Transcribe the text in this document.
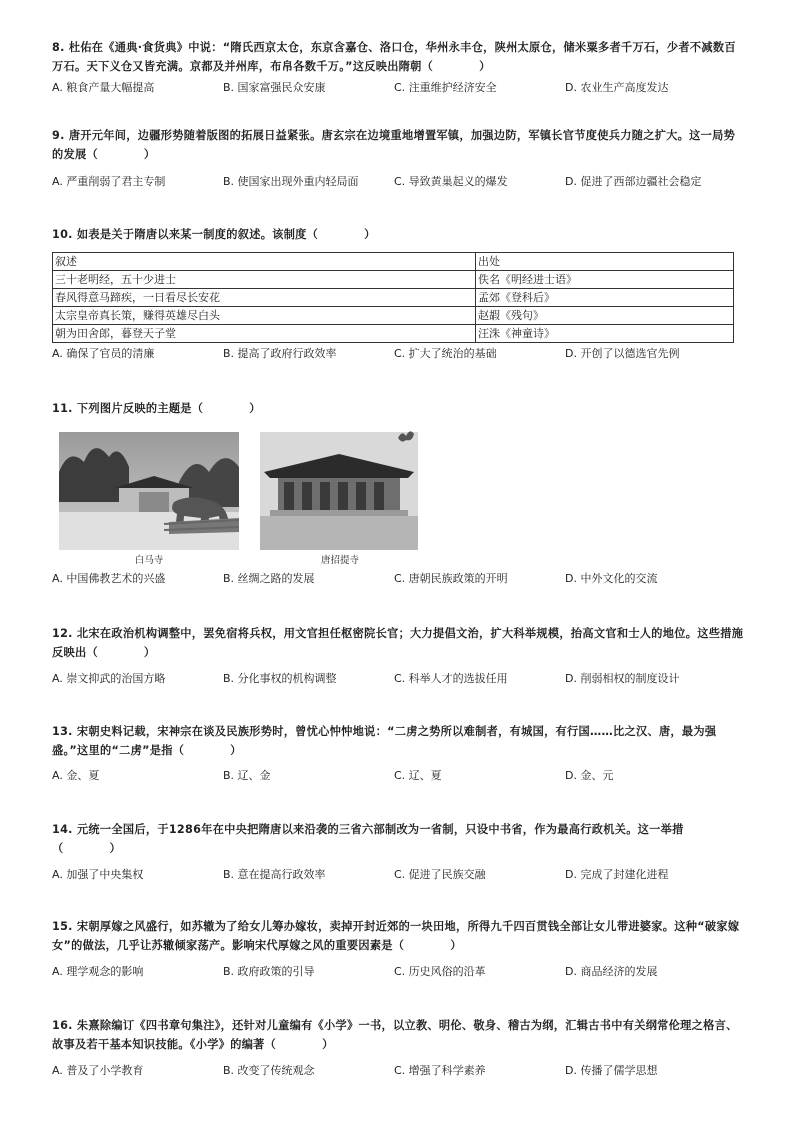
8. 杜佑在《通典·食货典》中说：“隋氏西京太仓，东京含嘉仓、洛口仓，华州永丰仓，陕州太原仓，储米粟多者千万石，少者不减数百万石。天下义仓又皆充满。京都及并州库，布帛各数千万。”这反映出隋朝（　　　　）

A. 粮食产量大幅提高	B. 国家富强民众安康	C. 注重维护经济安全	D. 农业生产高度发达

9. 唐开元年间，边疆形势随着版图的拓展日益紧张。唐玄宗在边境重地增置军镇，加强边防，军镇长官节度使兵力随之扩大。这一局势的发展（　　　　）

A. 严重削弱了君主专制	B. 使国家出现外重内轻局面	C. 导致黄巢起义的爆发	D. 促进了西部边疆社会稳定

10. 如表是关于隋唐以来某一制度的叙述。该制度（　　　　）

叙述	出处
三十老明经，五十少进士	佚名《明经进士语》
春风得意马蹄疾，一日看尽长安花	孟郊《登科后》
太宗皇帝真长策，赚得英雄尽白头	赵嘏《残句》
朝为田舍郎，暮登天子堂	汪洙《神童诗》
A. 确保了官员的清廉	B. 提高了政府行政效率	C. 扩大了统治的基础	D. 开创了以德选官先例

11. 下列图片反映的主题是（　　　　）

白马寺	唐招提寺
A. 中国佛教艺术的兴盛	B. 丝绸之路的发展	C. 唐朝民族政策的开明	D. 中外文化的交流

12. 北宋在政治机构调整中，罢免宿将兵权，用文官担任枢密院长官；大力提倡文治，扩大科举规模，抬高文官和士人的地位。这些措施反映出（　　　　）

A. 崇文抑武的治国方略	B. 分化事权的机构调整	C. 科举人才的选拔任用	D. 削弱相权的制度设计

13. 宋朝史料记载，宋神宗在谈及民族形势时，曾忧心忡忡地说：“二虏之势所以难制者，有城国，有行国……比之汉、唐，最为强盛。”这里的“二虏”是指（　　　　）

A. 金、夏	B. 辽、金	C. 辽、夏	D. 金、元

14. 元统一全国后，于1286年在中央把隋唐以来沿袭的三省六部制改为一省制，只设中书省，作为最高行政机关。这一举措（　　　　）

A. 加强了中央集权	B. 意在提高行政效率	C. 促进了民族交融	D. 完成了封建化进程

15. 宋朝厚嫁之风盛行，如苏辙为了给女儿筹办嫁妆，卖掉开封近郊的一块田地，所得九千四百贯钱全部让女儿带进婆家。这种“破家嫁女”的做法，几乎让苏辙倾家荡产。影响宋代厚嫁之风的重要因素是（　　　　）

A. 理学观念的影响	B. 政府政策的引导	C. 历史风俗的沿革	D. 商品经济的发展

16. 朱熹除编订《四书章句集注》，还针对儿童编有《小学》一书，以立教、明伦、敬身、稽古为纲，汇辑古书中有关纲常伦理之格言、故事及若干基本知识技能。《小学》的编著（　　　　）

A. 普及了小学教育	B. 改变了传统观念	C. 增强了科学素养	D. 传播了儒学思想
